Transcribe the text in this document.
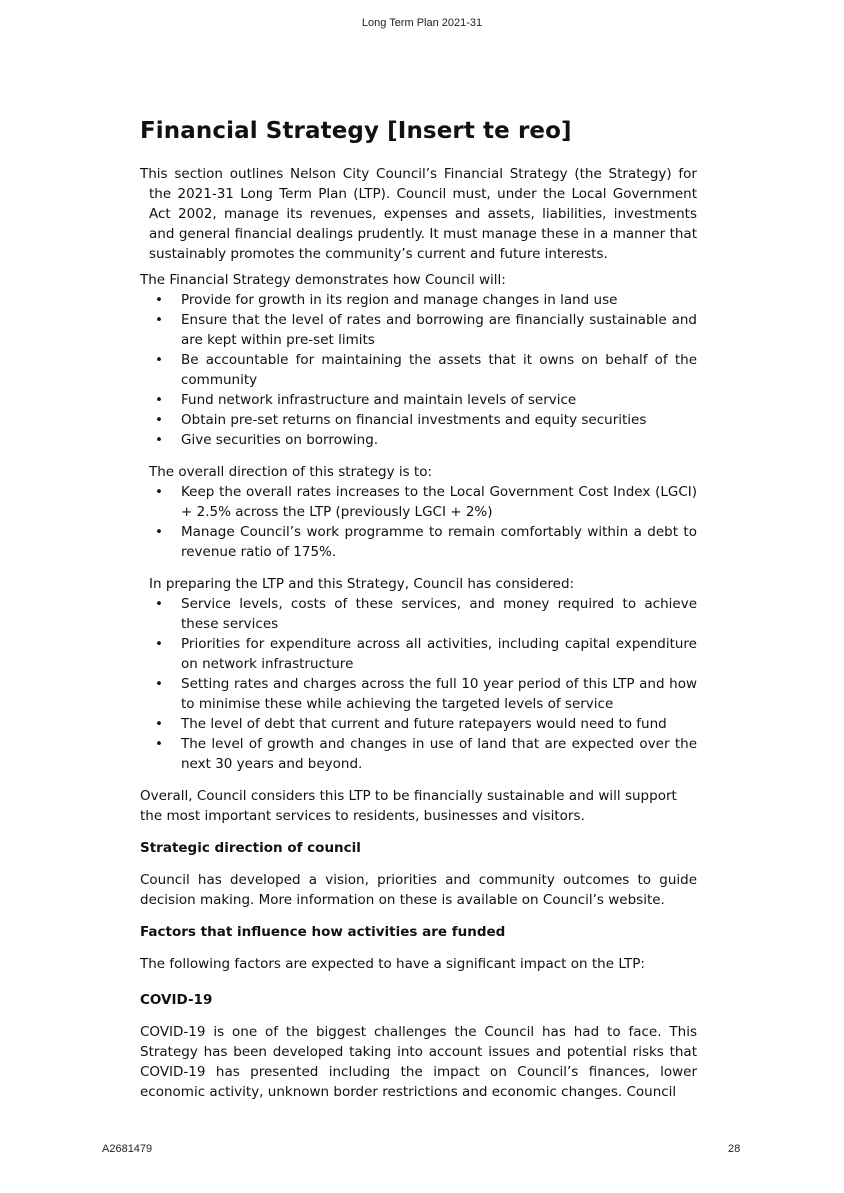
Long Term Plan 2021-31
Financial Strategy [Insert te reo]

This section outlines Nelson City Council’s Financial Strategy (the Strategy) for the 2021-31 Long Term Plan (LTP). Council must, under the Local Government Act 2002, manage its revenues, expenses and assets, liabilities, investments and general financial dealings prudently. It must manage these in a manner that sustainably promotes the community’s current and future interests.

The Financial Strategy demonstrates how Council will:

• Provide for growth in its region and manage changes in land use
• Ensure that the level of rates and borrowing are financially sustainable and are kept within pre-set limits
• Be accountable for maintaining the assets that it owns on behalf of the community
• Fund network infrastructure and maintain levels of service
• Obtain pre-set returns on financial investments and equity securities
• Give securities on borrowing.

The overall direction of this strategy is to:

• Keep the overall rates increases to the Local Government Cost Index (LGCI) + 2.5% across the LTP (previously LGCI + 2%)
• Manage Council’s work programme to remain comfortably within a debt to revenue ratio of 175%.

In preparing the LTP and this Strategy, Council has considered:

• Service levels, costs of these services, and money required to achieve these services
• Priorities for expenditure across all activities, including capital expenditure on network infrastructure
• Setting rates and charges across the full 10 year period of this LTP and how to minimise these while achieving the targeted levels of service
• The level of debt that current and future ratepayers would need to fund
• The level of growth and changes in use of land that are expected over the next 30 years and beyond.

Overall, Council considers this LTP to be financially sustainable and will support the most important services to residents, businesses and visitors.

Strategic direction of council

Council has developed a vision, priorities and community outcomes to guide decision making. More information on these is available on Council’s website.

Factors that influence how activities are funded

The following factors are expected to have a significant impact on the LTP:

COVID-19

COVID-19 is one of the biggest challenges the Council has had to face. This Strategy has been developed taking into account issues and potential risks that COVID-19 has presented including the impact on Council’s finances, lower economic activity, unknown border restrictions and economic changes. Council

A2681479	28
